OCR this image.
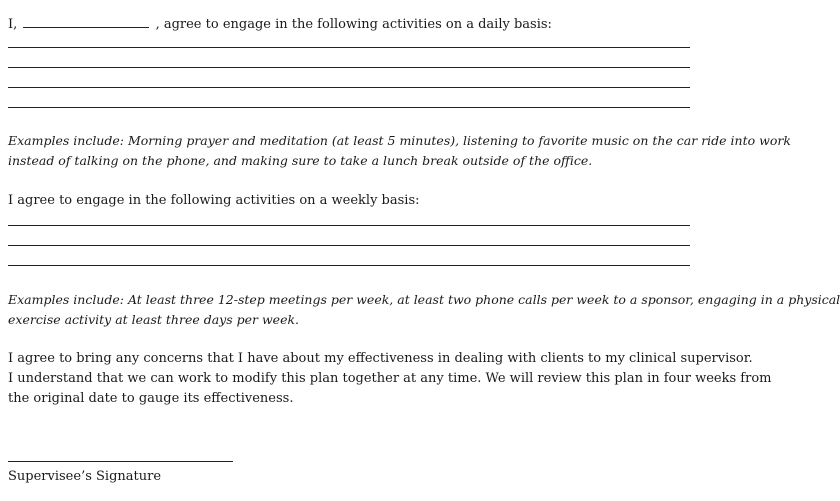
I,	, agree to engage in the following activities on a daily basis:
Examples include: Morning prayer and meditation (at least 5 minutes), listening to favorite music on the car ride into work
instead of talking on the phone, and making sure to take a lunch break outside of the office.
I agree to engage in the following activities on a weekly basis:
Examples include: At least three 12-step meetings per week, at least two phone calls per week to a sponsor, engaging in a physical
exercise activity at least three days per week.
I agree to bring any concerns that I have about my effectiveness in dealing with clients to my clinical supervisor.
I understand that we can work to modify this plan together at any time. We will review this plan in four weeks from
the original date to gauge its effectiveness.
Supervisee’s Signature
